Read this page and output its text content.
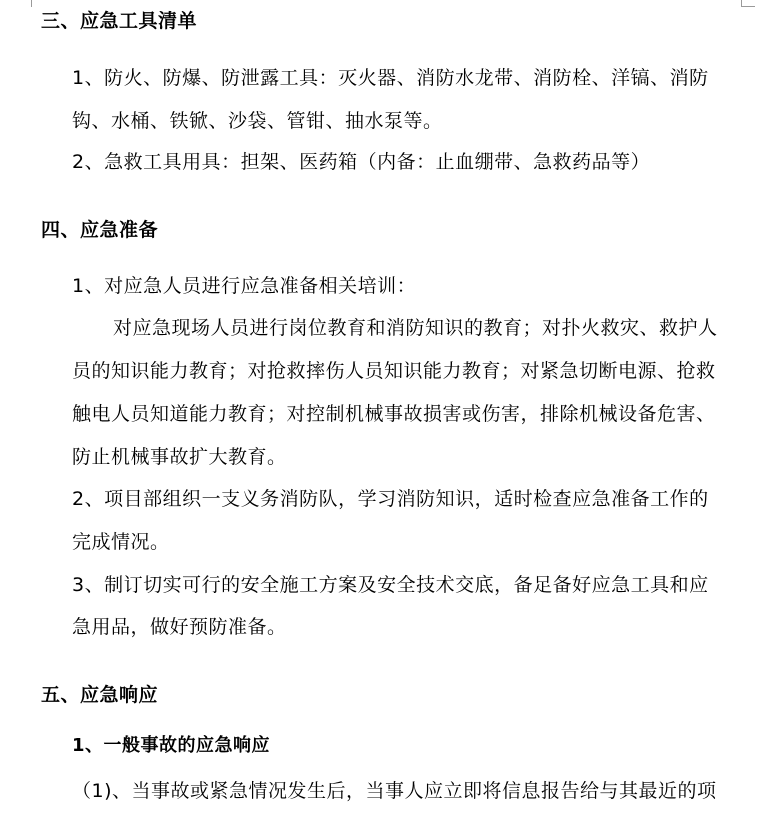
三、应急工具清单
1、防火、防爆、防泄露工具：灭火器、消防水龙带、消防栓、洋镐、消防
钩、水桶、铁锨、沙袋、管钳、抽水泵等。
2、急救工具用具：担架、医药箱（内备：止血绷带、急救药品等）
四、应急准备
1、对应急人员进行应急准备相关培训：
对应急现场人员进行岗位教育和消防知识的教育；对扑火救灾、救护人
员的知识能力教育；对抢救摔伤人员知识能力教育；对紧急切断电源、抢救
触电人员知道能力教育；对控制机械事故损害或伤害，排除机械设备危害、
防止机械事故扩大教育。
2、项目部组织一支义务消防队，学习消防知识，适时检查应急准备工作的
完成情况。
3、制订切实可行的安全施工方案及安全技术交底，备足备好应急工具和应
急用品，做好预防准备。
五、应急响应
1、一般事故的应急响应
（1)、当事故或紧急情况发生后，当事人应立即将信息报告给与其最近的项
